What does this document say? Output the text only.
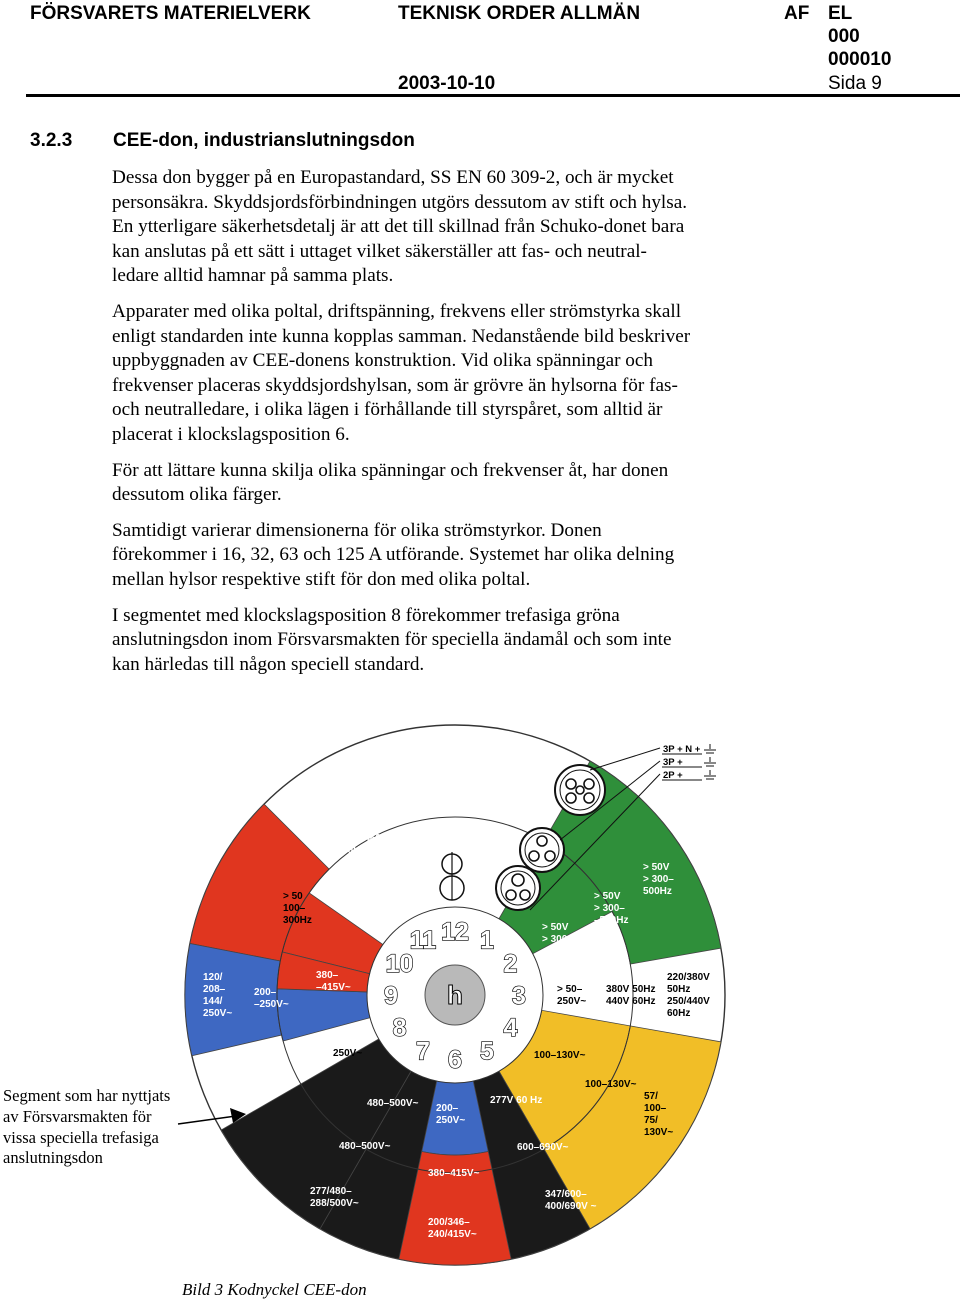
FÖRSVARETS MATERIELVERK	TEKNISK ORDER ALLMÄN	AF EL
000
000010
2003-10-10	Sida 9
3.2.3 CEE-don, industrianslutningsdon

Dessa don bygger på en Europastandard, SS EN 60 309-2, och är mycket
personsäkra. Skyddsjordsförbindningen utgörs dessutom av stift och hylsa.
En ytterligare säkerhetsdetalj är att det till skillnad från Schuko-donet bara
kan anslutas på ett sätt i uttaget vilket säkerställer att fas- och neutral-
ledare alltid hamnar på samma plats.

Apparater med olika poltal, driftspänning, frekvens eller strömstyrka skall
enligt standarden inte kunna kopplas samman. Nedanstående bild beskriver
uppbyggnaden av CEE-donens konstruktion. Vid olika spänningar och
frekvenser placeras skyddsjordshylsan, som är grövre än hylsorna för fas-
och neutralledare, i olika lägen i förhållande till styrspåret, som alltid är
placerat i klockslagsposition 6.

För att lättare kunna skilja olika spänningar och frekvenser åt, har donen
dessutom olika färger.

Samtidigt varierar dimensionerna för olika strömstyrkor. Donen
förekommer i 16, 32, 63 och 125 A utförande. Systemet har olika delning
mellan hylsor respektive stift för don med olika poltal.

I segmentet med klockslagsposition 8 förekommer trefasiga gröna
anslutningsdon inom Försvarsmakten för speciella ändamål och som inte
kan härledas till någon speciell standard.

h
12 1
2
3
4
5
6
7
8
9
10
11
3P + N +
3P +
2P +
250/440–265/460V
60Hz
440–460V
60Hz
> 50
100–
300Hz
120/
208–
144/
250V~
200–
–250V~
380–
–415V~
250V~
> 50V
> 300–
500Hz
> 50V
> 300–
–500Hz
> 50V
> 300–
–500Hz
> 50–
250V~
380V 50Hz
440V 60Hz
220/380V
50Hz
250/440V
60Hz
100–130V~
100–130V~
57/
100–
75/
130V~
480–500V~
480–500V~
277/480–
288/500V~
200–
250V~
277V 60 Hz
600–690V~
347/600–
400/690V ~
380–415V~
200/346–
240/415V~
Segment som har nyttjats
av Försvarsmakten för
vissa speciella trefasiga
anslutningsdon
Bild 3 Kodnyckel CEE-don
